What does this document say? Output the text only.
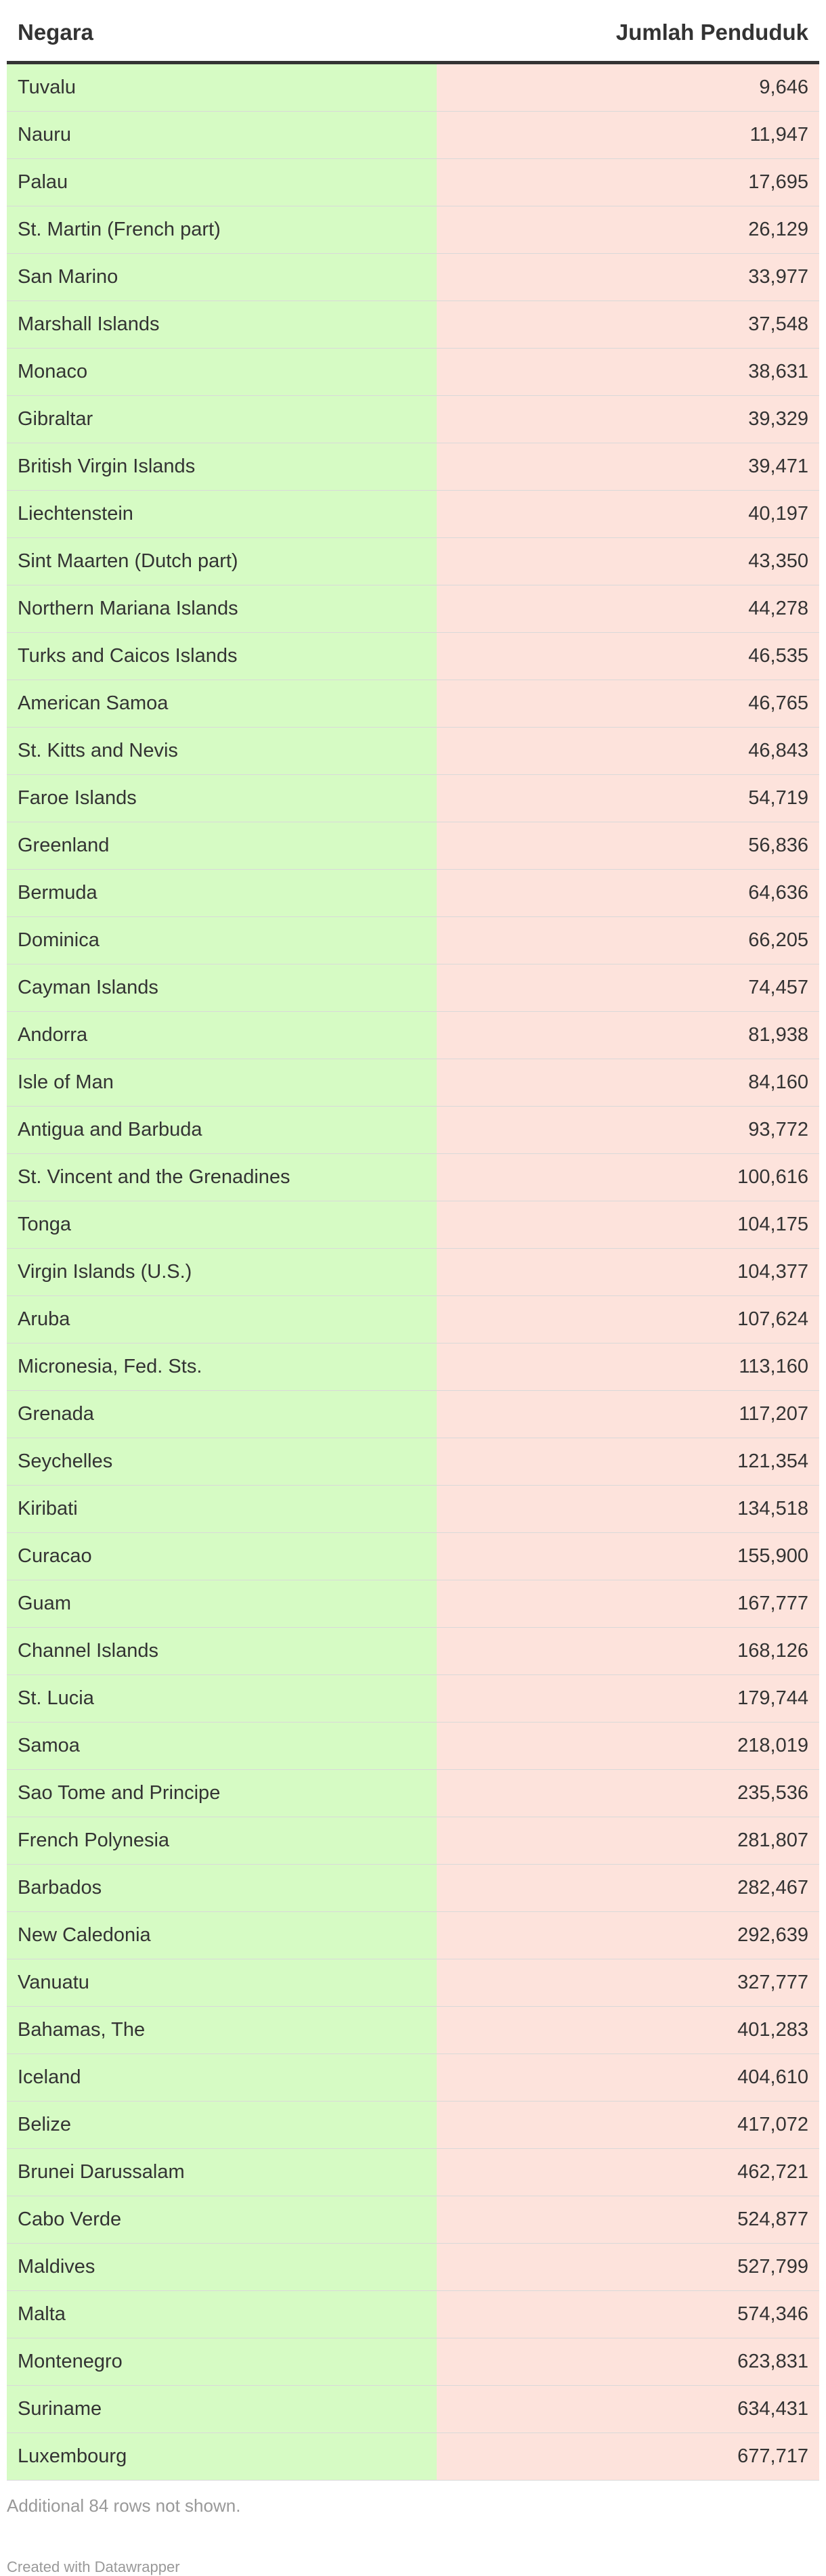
Negara	Jumlah Penduduk
Tuvalu	9,646
Nauru	11,947
Palau	17,695
St. Martin (French part)	26,129
San Marino	33,977
Marshall Islands	37,548
Monaco	38,631
Gibraltar	39,329
British Virgin Islands	39,471
Liechtenstein	40,197
Sint Maarten (Dutch part)	43,350
Northern Mariana Islands	44,278
Turks and Caicos Islands	46,535
American Samoa	46,765
St. Kitts and Nevis	46,843
Faroe Islands	54,719
Greenland	56,836
Bermuda	64,636
Dominica	66,205
Cayman Islands	74,457
Andorra	81,938
Isle of Man	84,160
Antigua and Barbuda	93,772
St. Vincent and the Grenadines	100,616
Tonga	104,175
Virgin Islands (U.S.)	104,377
Aruba	107,624
Micronesia, Fed. Sts.	113,160
Grenada	117,207
Seychelles	121,354
Kiribati	134,518
Curacao	155,900
Guam	167,777
Channel Islands	168,126
St. Lucia	179,744
Samoa	218,019
Sao Tome and Principe	235,536
French Polynesia	281,807
Barbados	282,467
New Caledonia	292,639
Vanuatu	327,777
Bahamas, The	401,283
Iceland	404,610
Belize	417,072
Brunei Darussalam	462,721
Cabo Verde	524,877
Maldives	527,799
Malta	574,346
Montenegro	623,831
Suriname	634,431
Luxembourg	677,717
Additional 84 rows not shown.
Created with Datawrapper
